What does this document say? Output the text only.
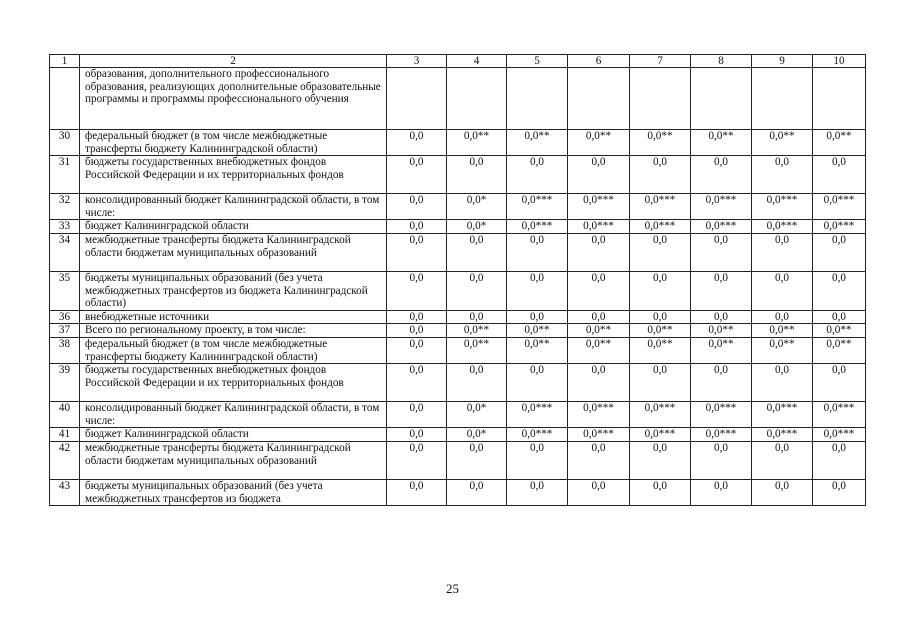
1	2	3	4	5	6	7	8	9	10
	образования, дополнительного профессионального образования, реализующих дополнительные образовательные программы и программы профессионального обучения								
30	федеральный бюджет (в том числе межбюджетные трансферты бюджету Калининградской области)	0,0	0,0**	0,0**	0,0**	0,0**	0,0**	0,0**	0,0**
31	бюджеты государственных внебюджетных фондов Российской Федерации и их территориальных фондов	0,0	0,0	0,0	0,0	0,0	0,0	0,0	0,0
32	консолидированный бюджет Калининградской области, в том числе:	0,0	0,0*	0,0***	0,0***	0,0***	0,0***	0,0***	0,0***
33	бюджет Калининградской области	0,0	0,0*	0,0***	0,0***	0,0***	0,0***	0,0***	0,0***
34	межбюджетные трансферты бюджета Калининградской области бюджетам муниципальных образований	0,0	0,0	0,0	0,0	0,0	0,0	0,0	0,0
35	бюджеты муниципальных образований (без учета межбюджетных трансфертов из бюджета Калининградской области)	0,0	0,0	0,0	0,0	0,0	0,0	0,0	0,0
36	внебюджетные источники	0,0	0,0	0,0	0,0	0,0	0,0	0,0	0,0
37	Всего по региональному проекту, в том числе:	0,0	0,0**	0,0**	0,0**	0,0**	0,0**	0,0**	0,0**
38	федеральный бюджет (в том числе межбюджетные трансферты бюджету Калининградской области)	0,0	0,0**	0,0**	0,0**	0,0**	0,0**	0,0**	0,0**
39	бюджеты государственных внебюджетных фондов Российской Федерации и их территориальных фондов	0,0	0,0	0,0	0,0	0,0	0,0	0,0	0,0
40	консолидированный бюджет Калининградской области, в том числе:	0,0	0,0*	0,0***	0,0***	0,0***	0,0***	0,0***	0,0***
41	бюджет Калининградской области	0,0	0,0*	0,0***	0,0***	0,0***	0,0***	0,0***	0,0***
42	межбюджетные трансферты бюджета Калининградской области бюджетам муниципальных образований	0,0	0,0	0,0	0,0	0,0	0,0	0,0	0,0
43	бюджеты муниципальных образований (без учета межбюджетных трансфертов из бюджета	0,0	0,0	0,0	0,0	0,0	0,0	0,0	0,0
25
